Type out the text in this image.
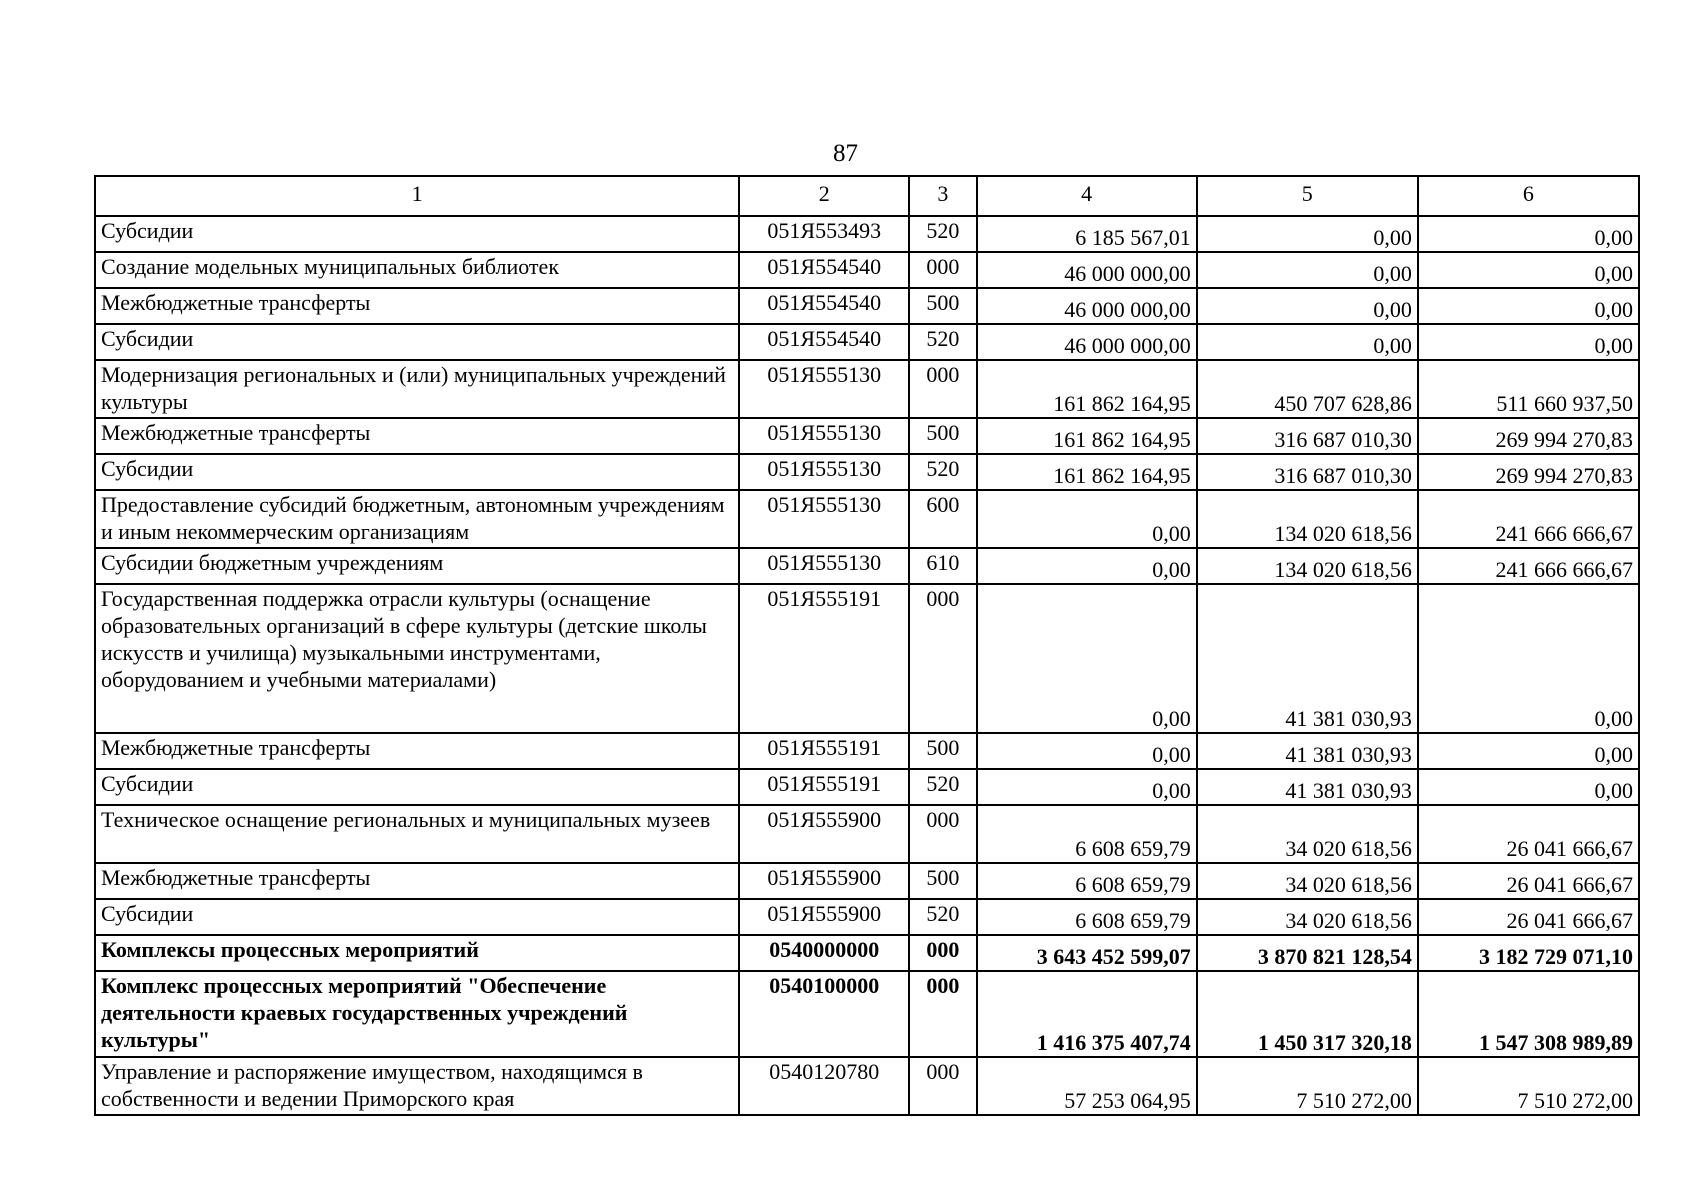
87
1	2	3	4	5	6
Субсидии	051Я553493	520	6 185 567,01	0,00	0,00
Создание модельных муниципальных библиотек	051Я554540	000	46 000 000,00	0,00	0,00
Межбюджетные трансферты	051Я554540	500	46 000 000,00	0,00	0,00
Субсидии	051Я554540	520	46 000 000,00	0,00	0,00
Модернизация региональных и (или) муниципальных учреждений культуры	051Я555130	000	161 862 164,95	450 707 628,86	511 660 937,50
Межбюджетные трансферты	051Я555130	500	161 862 164,95	316 687 010,30	269 994 270,83
Субсидии	051Я555130	520	161 862 164,95	316 687 010,30	269 994 270,83
Предоставление субсидий бюджетным, автономным учреждениям и иным некоммерческим организациям	051Я555130	600	0,00	134 020 618,56	241 666 666,67
Субсидии бюджетным учреждениям	051Я555130	610	0,00	134 020 618,56	241 666 666,67
Государственная поддержка отрасли культуры (оснащение образовательных организаций в сфере культуры (детские школы искусств и училища) музыкальными инструментами, оборудованием и учебными материалами)	051Я555191	000	0,00	41 381 030,93	0,00
Межбюджетные трансферты	051Я555191	500	0,00	41 381 030,93	0,00
Субсидии	051Я555191	520	0,00	41 381 030,93	0,00
Техническое оснащение региональных и муниципальных музеев	051Я555900	000	6 608 659,79	34 020 618,56	26 041 666,67
Межбюджетные трансферты	051Я555900	500	6 608 659,79	34 020 618,56	26 041 666,67
Субсидии	051Я555900	520	6 608 659,79	34 020 618,56	26 041 666,67
Комплексы процессных мероприятий	0540000000	000	3 643 452 599,07	3 870 821 128,54	3 182 729 071,10
Комплекс процессных мероприятий "Обеспечение деятельности краевых государственных учреждений культуры"	0540100000	000	1 416 375 407,74	1 450 317 320,18	1 547 308 989,89
Управление и распоряжение имуществом, находящимся в собственности и ведении Приморского края	0540120780	000	57 253 064,95	7 510 272,00	7 510 272,00
